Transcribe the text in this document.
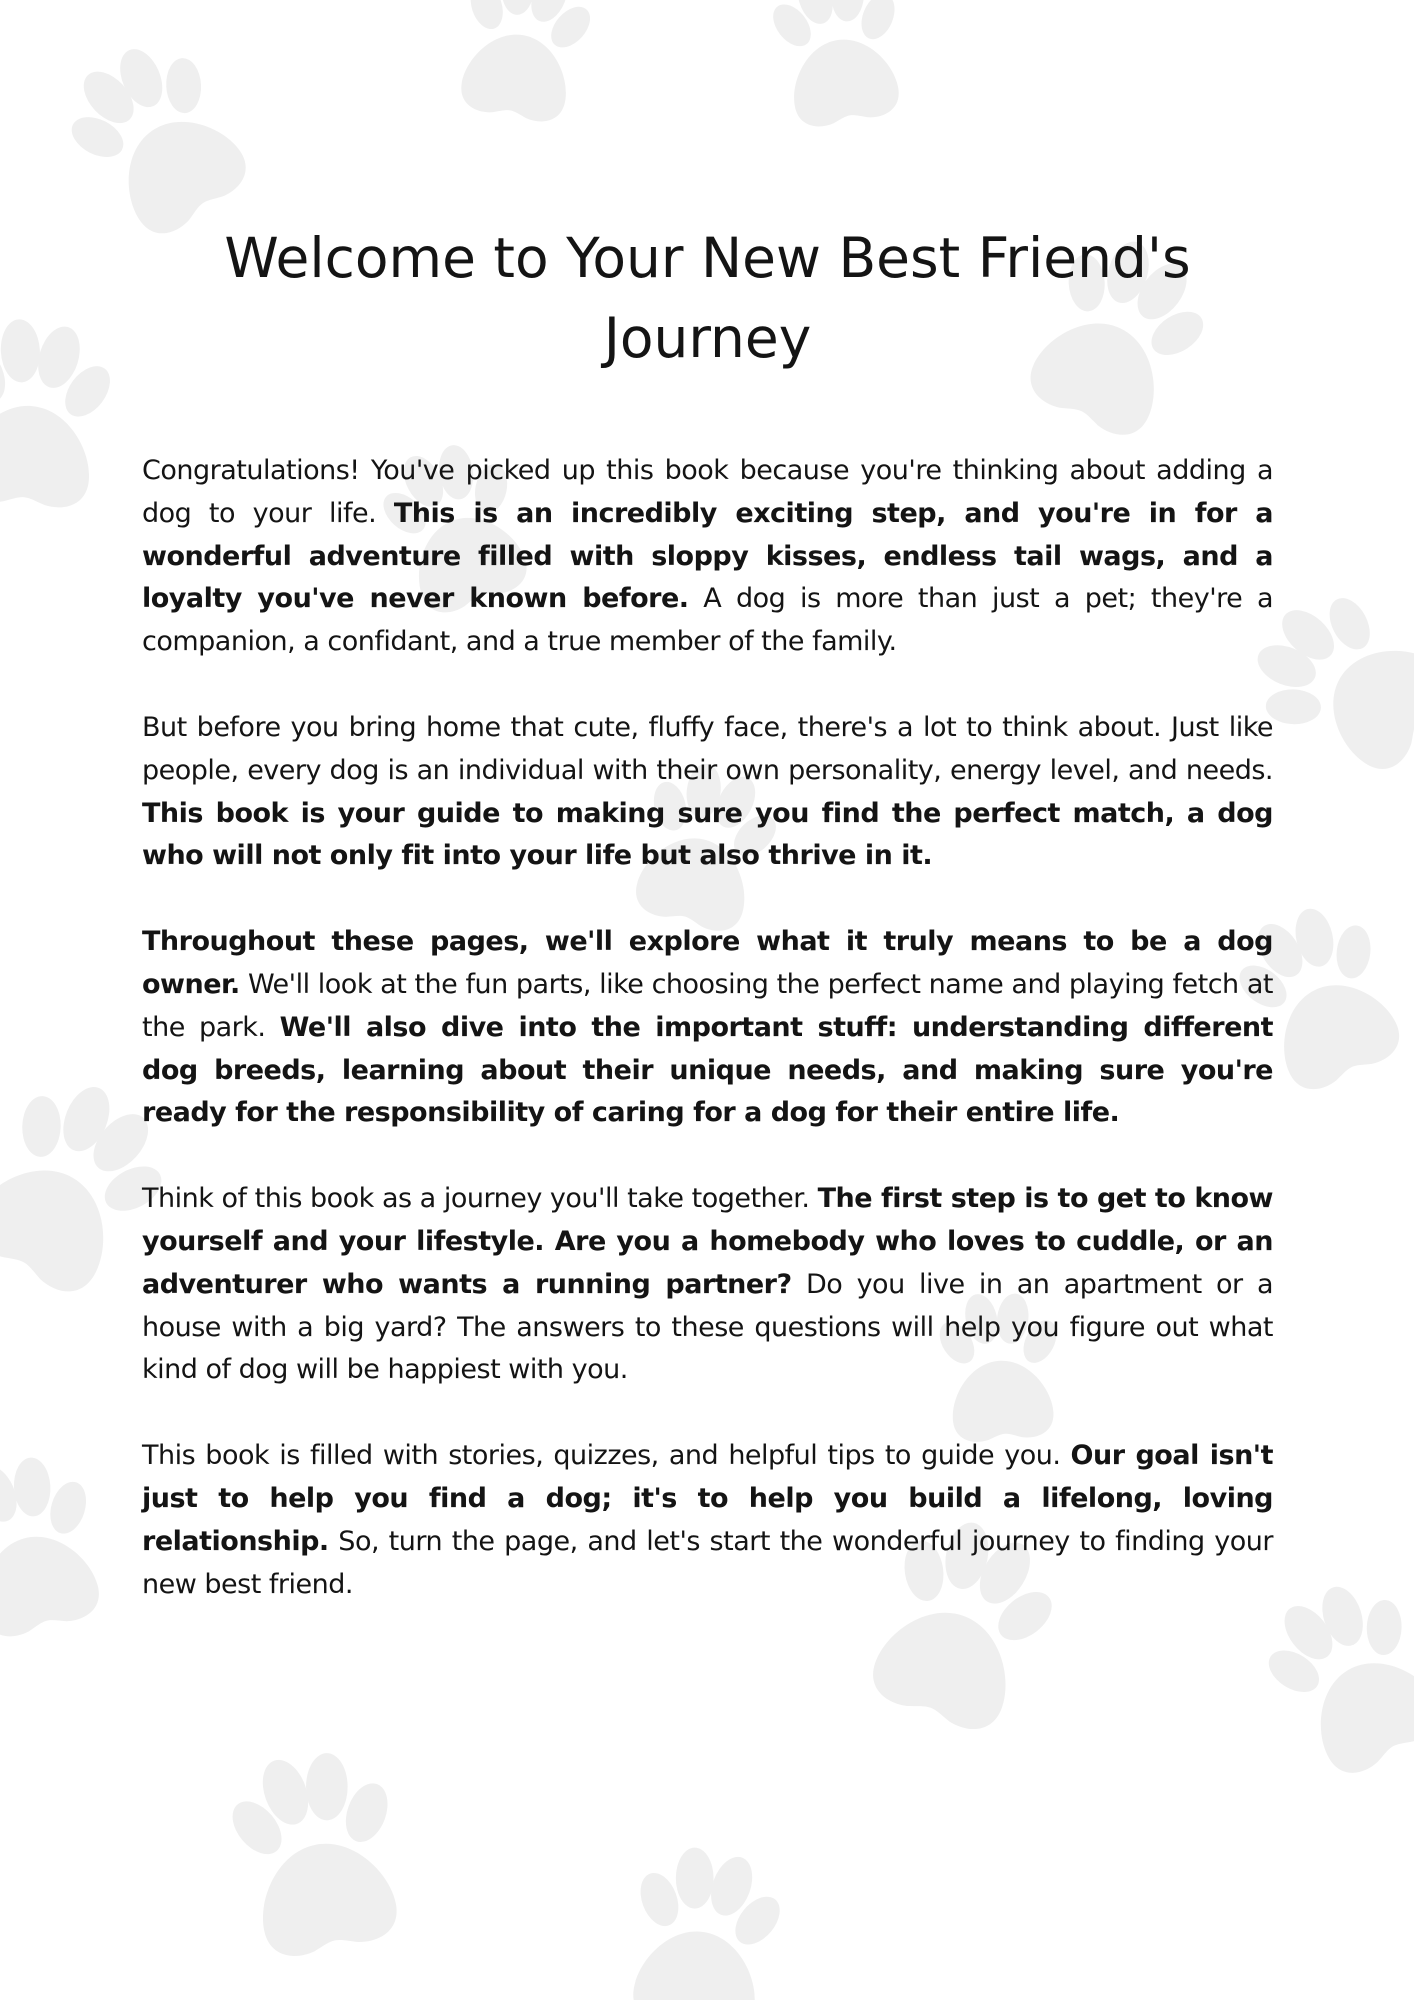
Welcome to Your New Best Friend's
Journey

Congratulations! You've picked up this book because you're thinking about adding a dog to your life. This is an incredibly exciting step, and you're in for a wonderful adventure filled with sloppy kisses, endless tail wags, and a loyalty you've never known before. A dog is more than just a pet; they're a companion, a confidant, and a true member of the family.

But before you bring home that cute, fluffy face, there's a lot to think about. Just like people, every dog is an individual with their own personality, energy level, and needs. This book is your guide to making sure you find the perfect match, a dog who will not only fit into your life but also thrive in it.

Throughout these pages, we'll explore what it truly means to be a dog owner. We'll look at the fun parts, like choosing the perfect name and playing fetch at the park. We'll also dive into the important stuff: understanding different dog breeds, learning about their unique needs, and making sure you're ready for the responsibility of caring for a dog for their entire life.

Think of this book as a journey you'll take together. The first step is to get to know yourself and your lifestyle. Are you a homebody who loves to cuddle, or an adventurer who wants a running partner? Do you live in an apartment or a house with a big yard? The answers to these questions will help you figure out what kind of dog will be happiest with you.

This book is filled with stories, quizzes, and helpful tips to guide you. Our goal isn't just to help you find a dog; it's to help you build a lifelong, loving relationship. So, turn the page, and let's start the wonderful journey to finding your new best friend.
